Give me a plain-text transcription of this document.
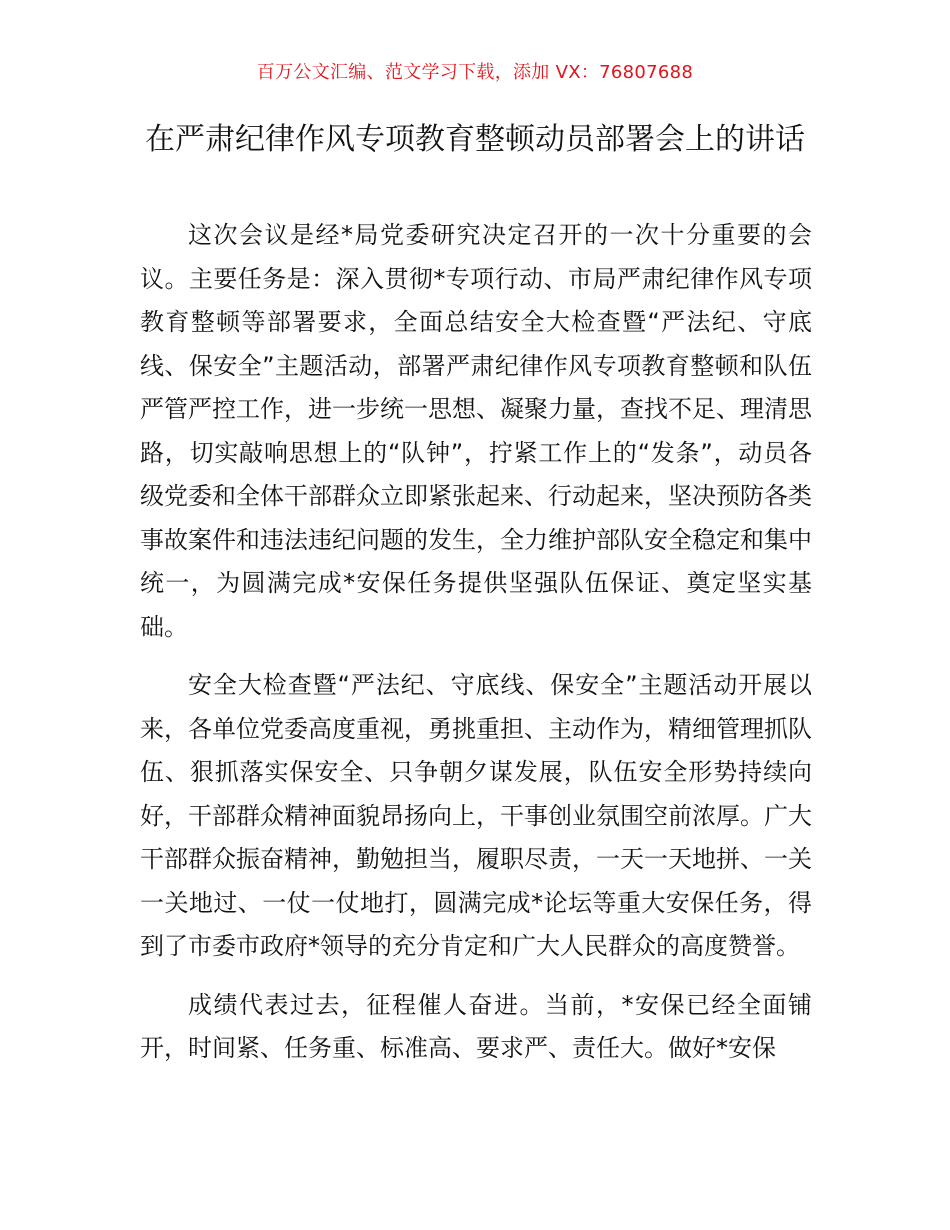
百万公文汇编、范文学习下载，添加 VX：76807688
在严肃纪律作风专项教育整顿动员部署会上的讲话

这次会议是经*局党委研究决定召开的一次十分重要的会议。主要任务是：深入贯彻*专项行动、市局严肃纪律作风专项教育整顿等部署要求，全面总结安全大检查暨“严法纪、守底线、保安全”主题活动，部署严肃纪律作风专项教育整顿和队伍严管严控工作，进一步统一思想、凝聚力量，查找不足、理清思路，切实敲响思想上的“队钟”，拧紧工作上的“发条”，动员各级党委和全体干部群众立即紧张起来、行动起来，坚决预防各类事故案件和违法违纪问题的发生，全力维护部队安全稳定和集中统一，为圆满完成*安保任务提供坚强队伍保证、奠定坚实基础。

安全大检查暨“严法纪、守底线、保安全”主题活动开展以来，各单位党委高度重视，勇挑重担、主动作为，精细管理抓队伍、狠抓落实保安全、只争朝夕谋发展，队伍安全形势持续向好，干部群众精神面貌昂扬向上，干事创业氛围空前浓厚。广大干部群众振奋精神，勤勉担当，履职尽责，一天一天地拼、一关一关地过、一仗一仗地打，圆满完成*论坛等重大安保任务，得到了市委市政府*领导的充分肯定和广大人民群众的高度赞誉。

成绩代表过去，征程催人奋进。当前，*安保已经全面铺开，时间紧、任务重、标准高、要求严、责任大。做好*安保
